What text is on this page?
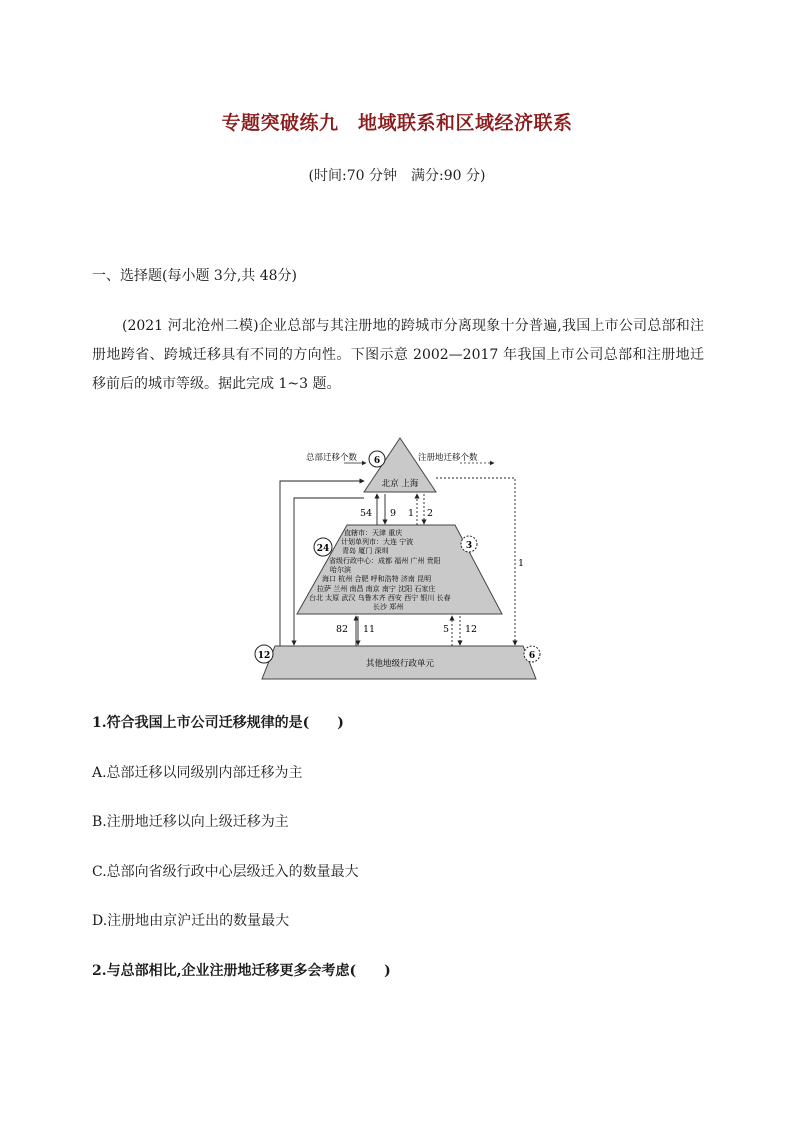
专题突破练九　地域联系和区域经济联系
(时间:70 分钟　满分:90 分)
一、选择题(每小题 3分,共 48分)
(2021 河北沧州二模)企业总部与其注册地的跨城市分离现象十分普遍,我国上市公司总部和注册地跨省、跨城迁移具有不同的方向性。下图示意 2002—2017 年我国上市公司总部和注册地迁移前后的城市等级。据此完成 1~3 题。
总部迁移个数	注册地迁移个数
北京 上海
其他地级行政单元
直辖市：天津 重庆
计划单列市：大连 宁波
青岛 厦门 深圳
省级行政中心：成都 福州 广州 贵阳
哈尔滨
海口 杭州 合肥 呼和浩特 济南 昆明
拉萨 兰州 南昌 南京 南宁 沈阳 石家庄
台北 太原 武汉 乌鲁木齐 西安 西宁 银川 长春
长沙 郑州
6
24	3
12	6
54 9 1 2
82 11	5 12
1
1.符合我国上市公司迁移规律的是(　　)
A.总部迁移以同级别内部迁移为主
B.注册地迁移以向上级迁移为主
C.总部向省级行政中心层级迁入的数量最大
D.注册地由京沪迁出的数量最大
2.与总部相比,企业注册地迁移更多会考虑(　　)
